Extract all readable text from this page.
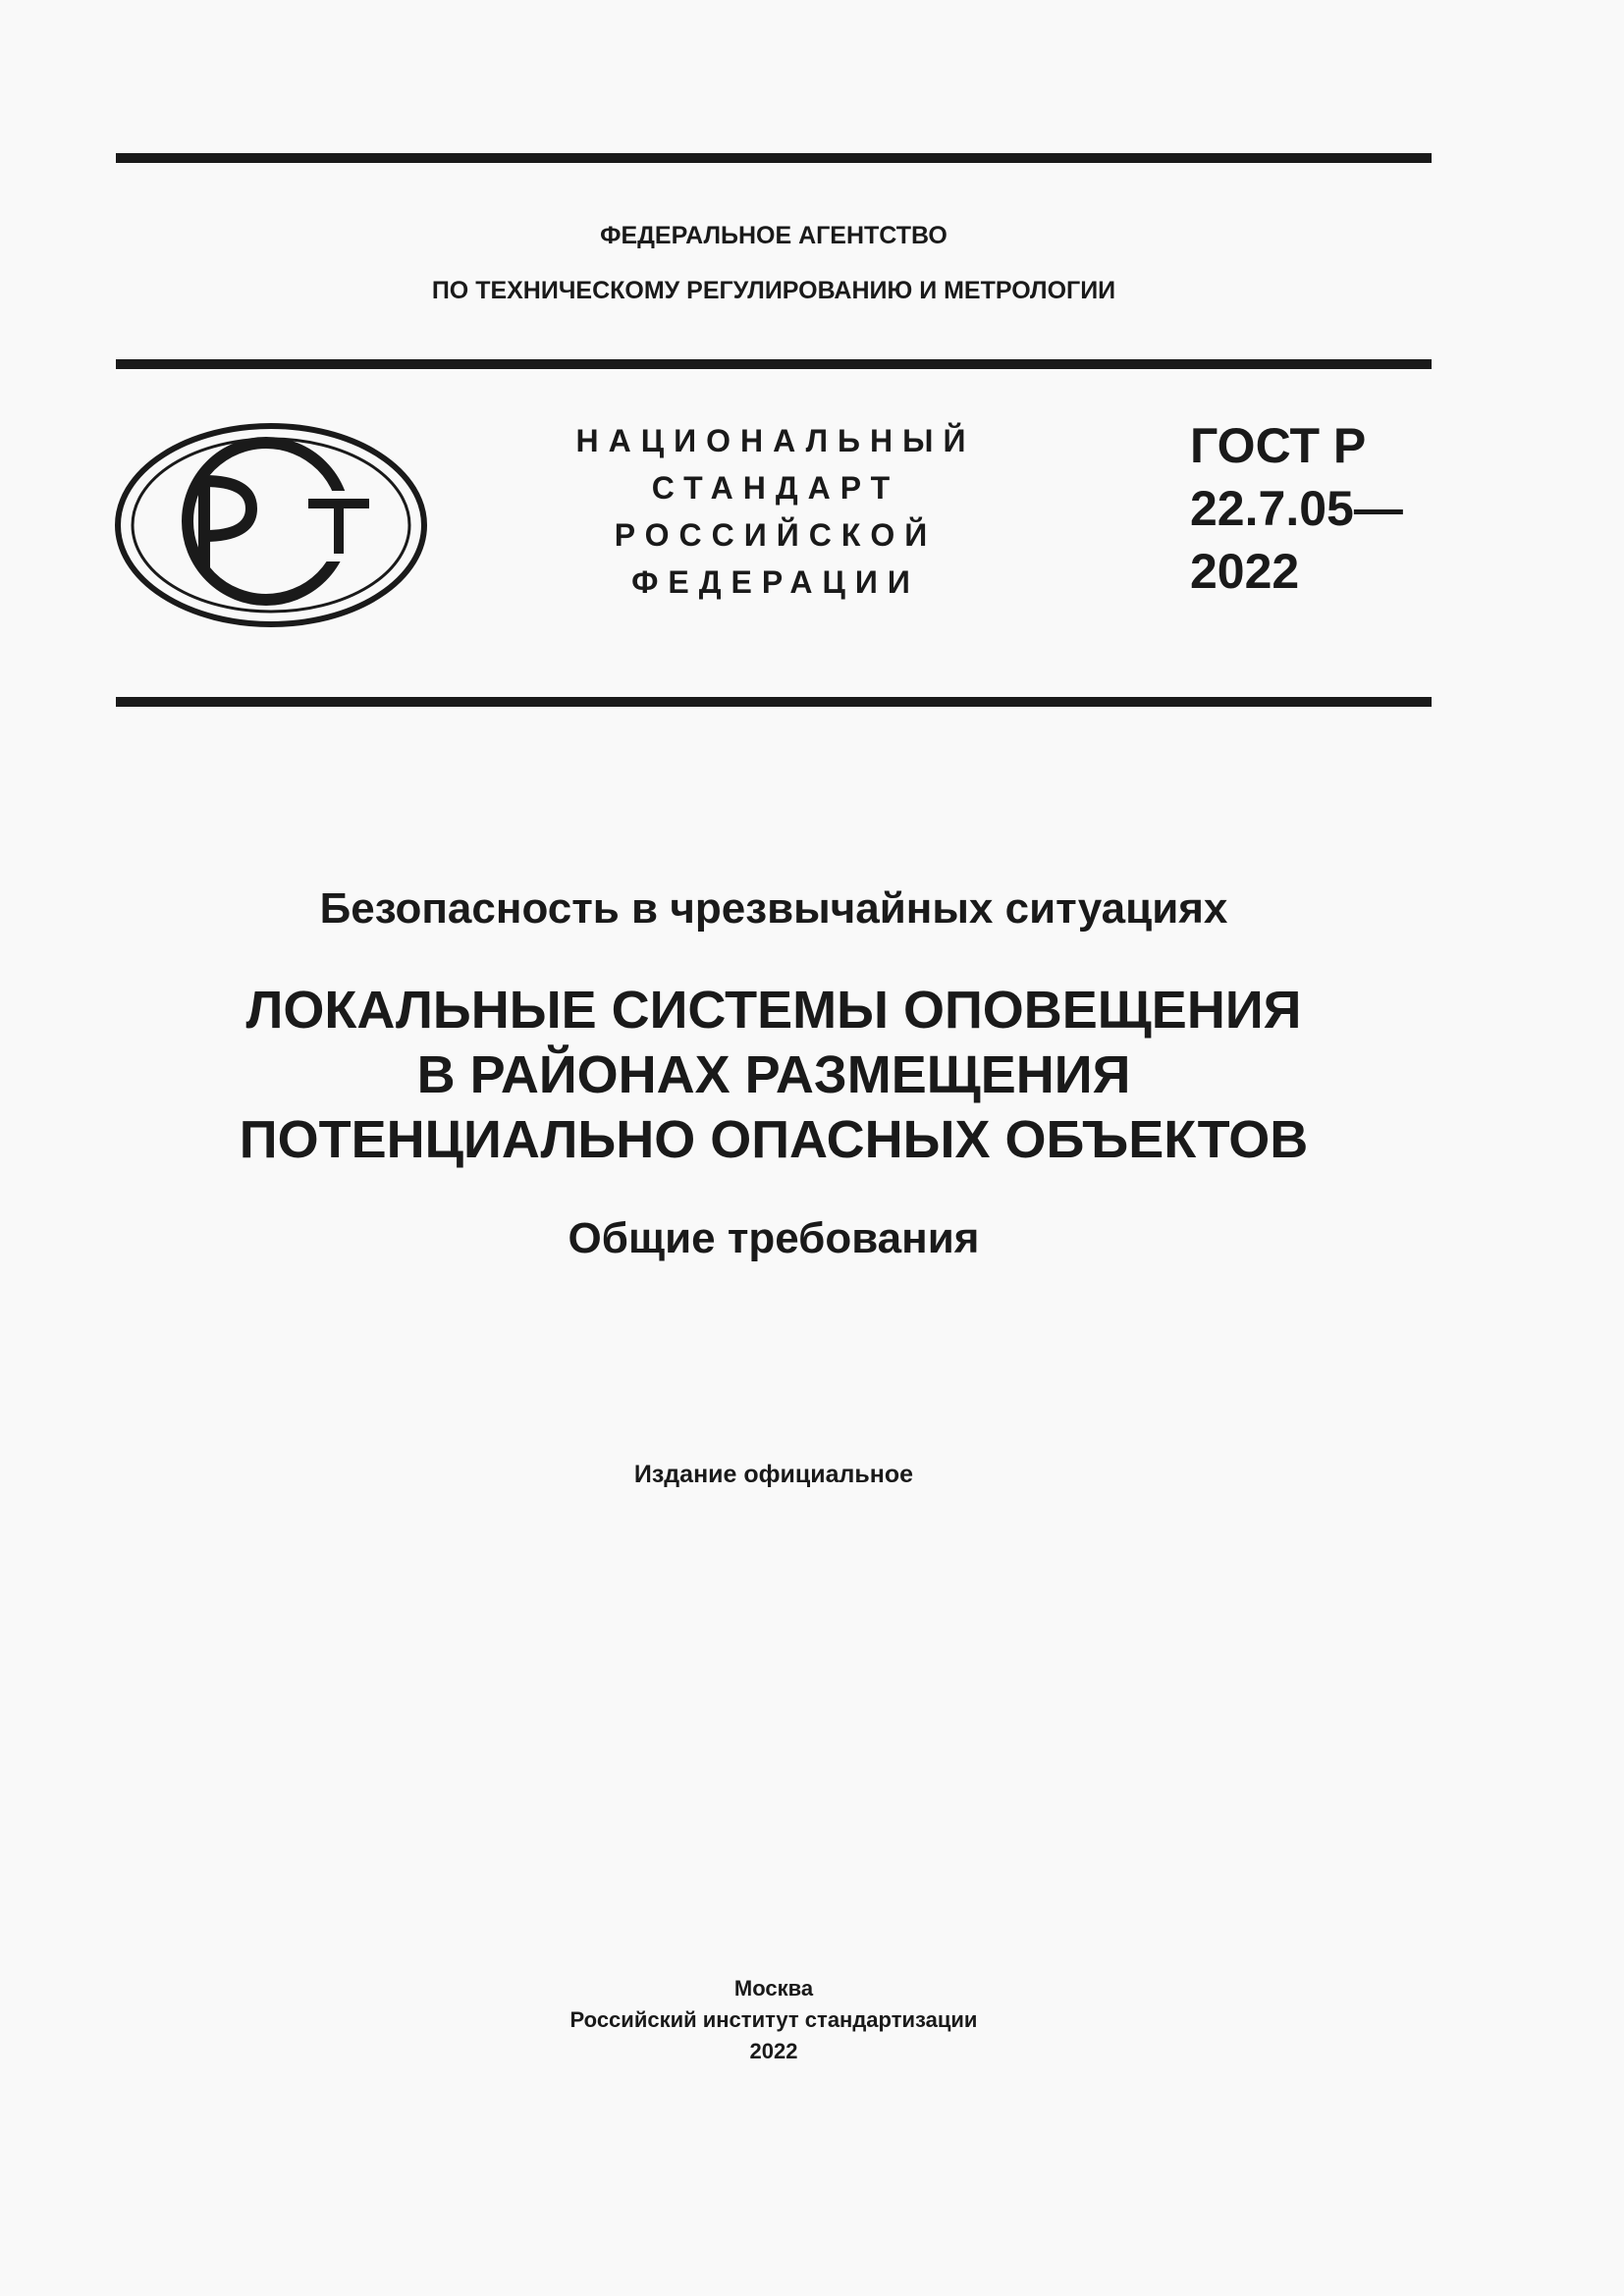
ФЕДЕРАЛЬНОЕ АГЕНТСТВО
ПО ТЕХНИЧЕСКОМУ РЕГУЛИРОВАНИЮ И МЕТРОЛОГИИ
НАЦИОНАЛЬНЫЙ
СТАНДАРТ
РОССИЙСКОЙ
ФЕДЕРАЦИИ
ГОСТ Р
22.7.05—
2022
Безопасность в чрезвычайных ситуациях
ЛОКАЛЬНЫЕ СИСТЕМЫ ОПОВЕЩЕНИЯ
В РАЙОНАХ РАЗМЕЩЕНИЯ
ПОТЕНЦИАЛЬНО ОПАСНЫХ ОБЪЕКТОВ
Общие требования
Издание официальное
Москва
Российский институт стандартизации
2022
